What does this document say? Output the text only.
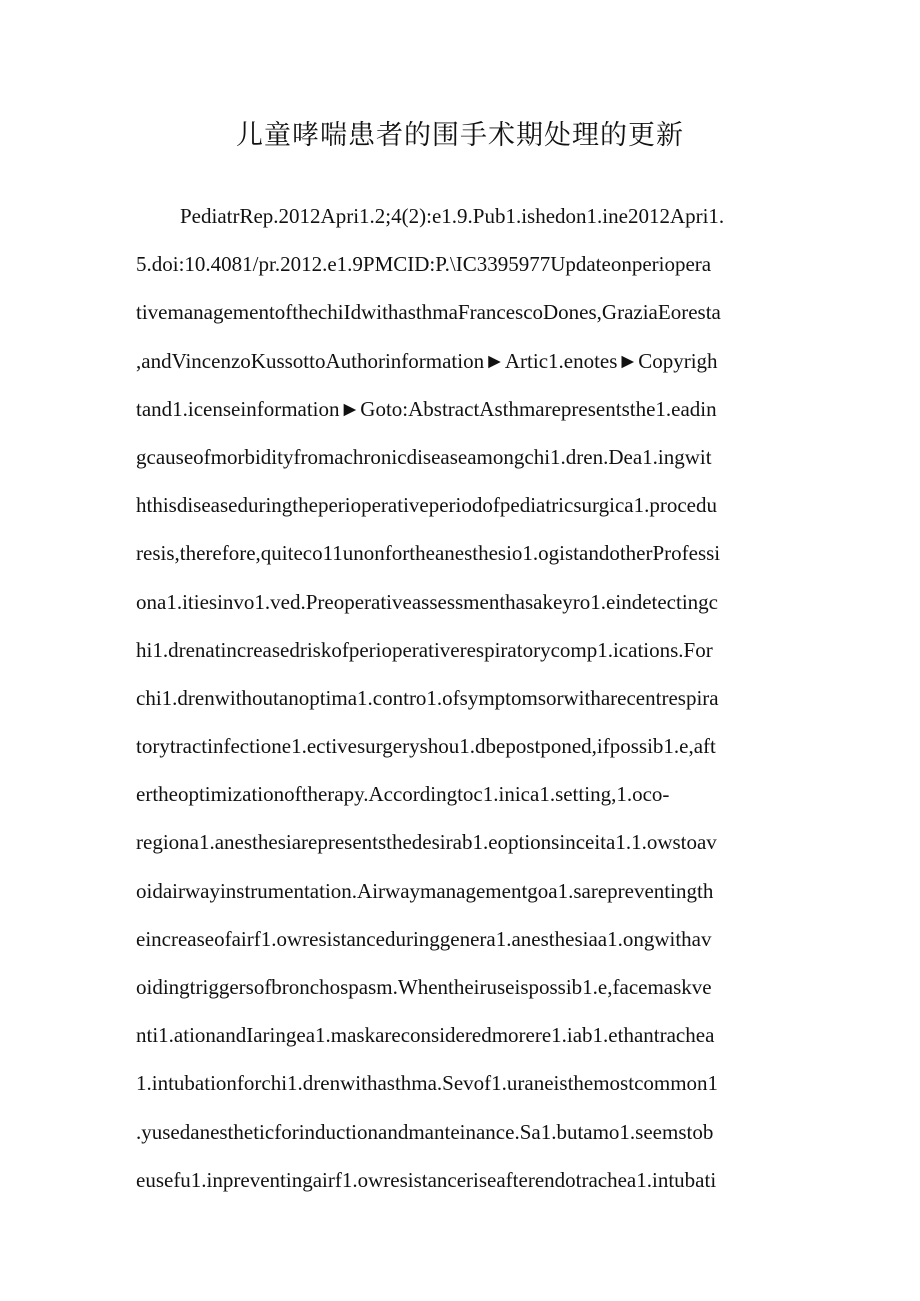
儿童哮喘患者的围手术期处理的更新
PediatrRep.2012Apri1.2;4(2):e1.9.Pub1.ishedon1.ine2012Apri1.
5.doi:10.4081/pr.2012.e1.9PMCID:P.\IC3395977Updateonperiopera
tivemanagementofthechiIdwithasthmaFrancescoDones,GraziaEoresta
,andVincenzoKussottoAuthorinformation►Artic1.enotes►Copyrigh
tand1.icenseinformation►Goto:AbstractAsthmarepresentsthe1.eadin
gcauseofmorbidityfromachronicdiseaseamongchi1.dren.Dea1.ingwit
hthisdiseaseduringtheperioperativeperiodofpediatricsurgica1.procedu
resis,therefore,quiteco11unonfortheanesthesio1.ogistandotherProfessi
ona1.itiesinvo1.ved.Preoperativeassessmenthasakeyro1.eindetectingc
hi1.drenatincreasedriskofperioperativerespiratorycomp1.ications.For
chi1.drenwithoutanoptima1.contro1.ofsymptomsorwitharecentrespira
torytractinfectione1.ectivesurgeryshou1.dbepostponed,ifpossib1.e,aft
ertheoptimizationoftherapy.Accordingtoc1.inica1.setting,1.oco-
regiona1.anesthesiarepresentsthedesirab1.eoptionsinceita1.1.owstoav
oidairwayinstrumentation.Airwaymanagementgoa1.sarepreventingth
eincreaseofairf1.owresistanceduringgenera1.anesthesiaa1.ongwithav
oidingtriggersofbronchospasm.Whentheiruseispossib1.e,facemaskve
nti1.ationandIaringea1.maskareconsideredmorere1.iab1.ethantrachea
1.intubationforchi1.drenwithasthma.Sevof1.uraneisthemostcommon1
.yusedanestheticforinductionandmanteinance.Sa1.butamo1.seemstob
eusefu1.inpreventingairf1.owresistanceriseafterendotrachea1.intubati
